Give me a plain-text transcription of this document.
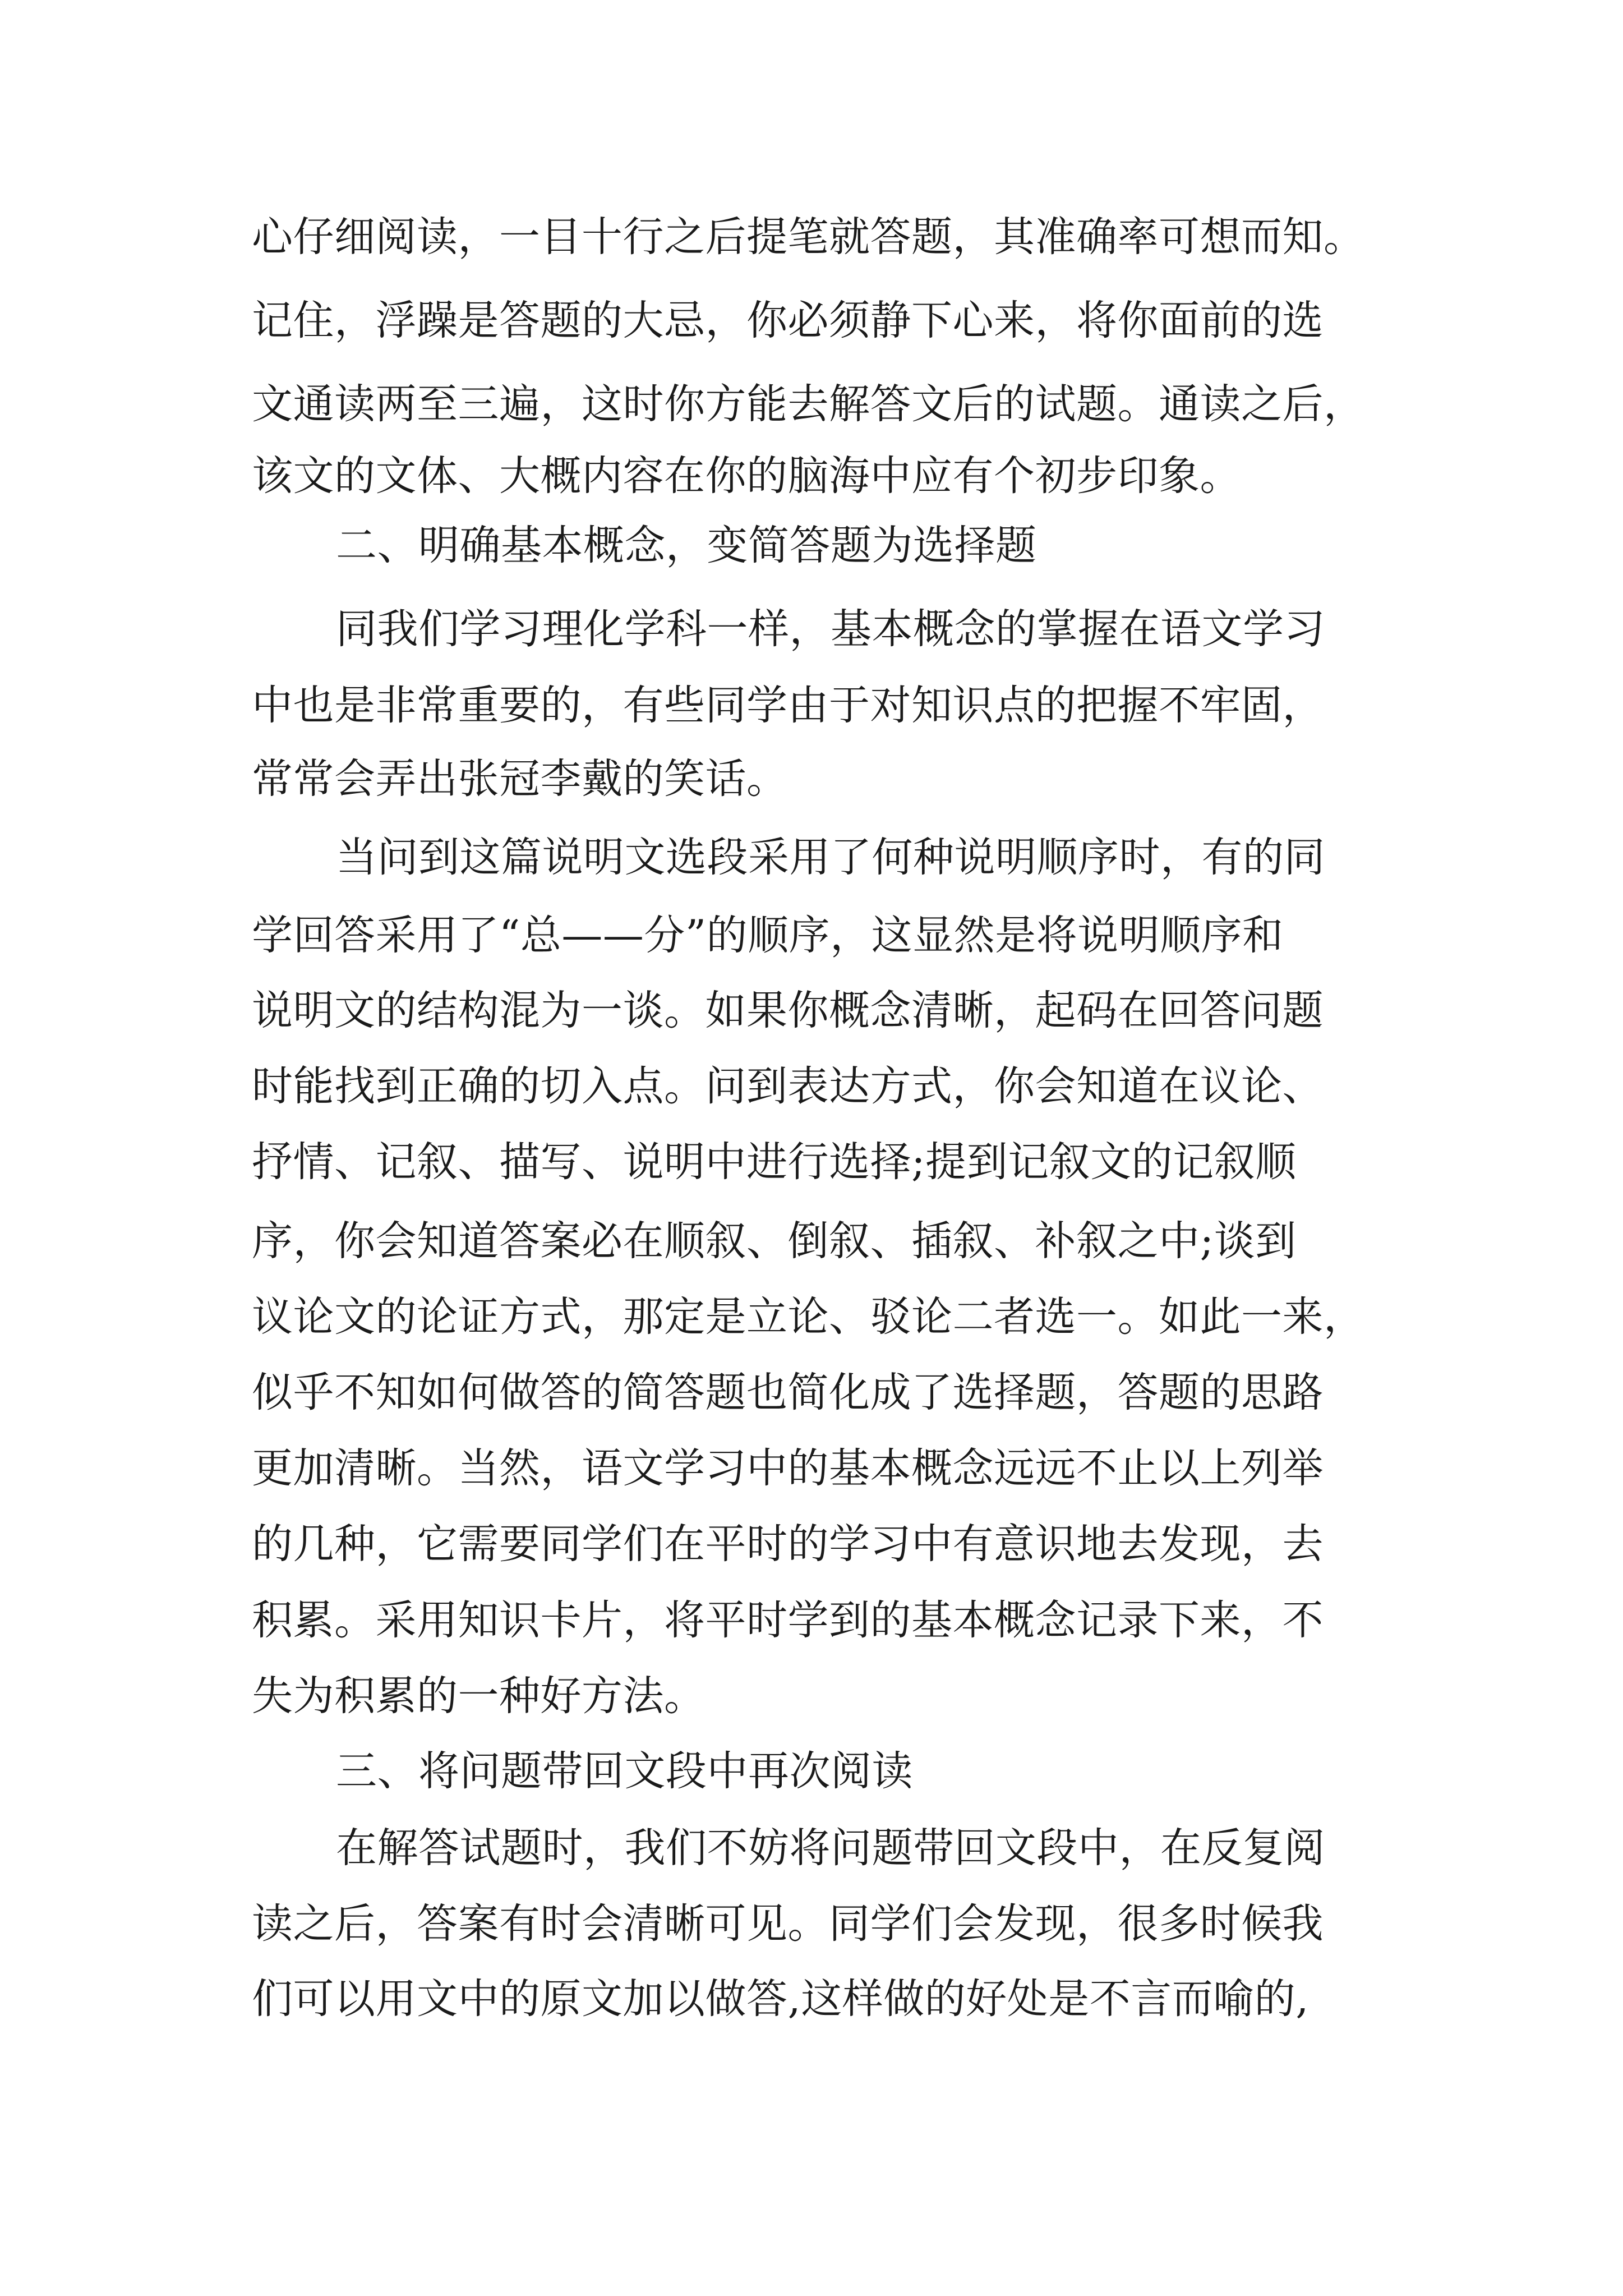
心仔细阅读，一目十行之后提笔就答题，其准确率可想而知。
记住，浮躁是答题的大忌，你必须静下心来，将你面前的选
文通读两至三遍，这时你方能去解答文后的试题。通读之后，
该文的文体、大概内容在你的脑海中应有个初步印象。
二、明确基本概念，变简答题为选择题
同我们学习理化学科一样，基本概念的掌握在语文学习
中也是非常重要的，有些同学由于对知识点的把握不牢固，
常常会弄出张冠李戴的笑话。
当问到这篇说明文选段采用了何种说明顺序时，有的同
学回答采用了“总——分”的顺序，这显然是将说明顺序和
说明文的结构混为一谈。如果你概念清晰，起码在回答问题
时能找到正确的切入点。问到表达方式，你会知道在议论、
抒情、记叙、描写、说明中进行选择;提到记叙文的记叙顺
序，你会知道答案必在顺叙、倒叙、插叙、补叙之中;谈到
议论文的论证方式，那定是立论、驳论二者选一。如此一来，
似乎不知如何做答的简答题也简化成了选择题，答题的思路
更加清晰。当然，语文学习中的基本概念远远不止以上列举
的几种，它需要同学们在平时的学习中有意识地去发现，去
积累。采用知识卡片，将平时学到的基本概念记录下来，不
失为积累的一种好方法。
三、将问题带回文段中再次阅读
在解答试题时，我们不妨将问题带回文段中，在反复阅
读之后，答案有时会清晰可见。同学们会发现，很多时候我
们可以用文中的原文加以做答,这样做的好处是不言而喻的,
